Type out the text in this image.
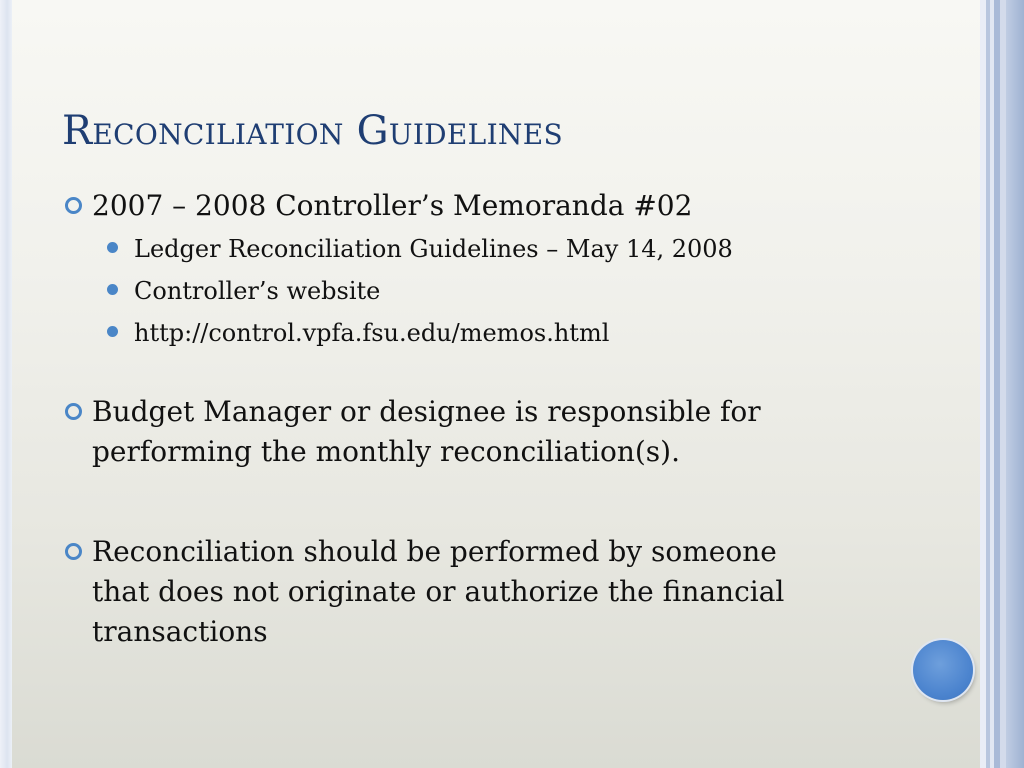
Reconciliation Guidelines
2007 – 2008 Controller’s Memoranda #02
Ledger Reconciliation Guidelines – May 14, 2008
Controller’s website
http://control.vpfa.fsu.edu/memos.html
Budget Manager or designee is responsible for
performing the monthly reconciliation(s).
Reconciliation should be performed by someone
that does not originate or authorize the financial
transactions
